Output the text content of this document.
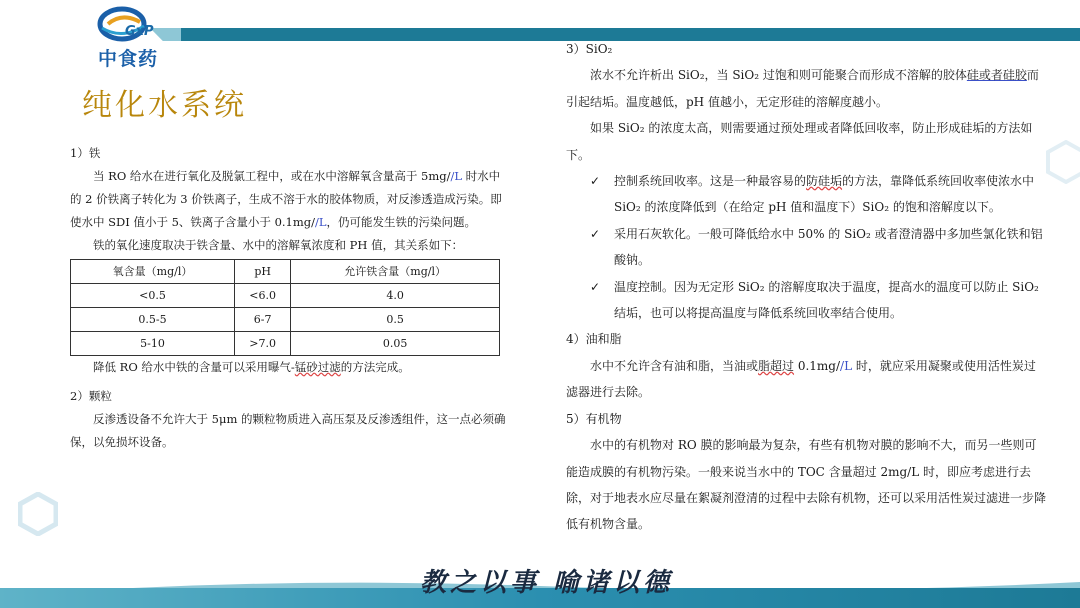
GxP
中食药
纯化水系统

1）铁

当 RO 给水在进行氧化及脱氯工程中，或在水中溶解氧含量高于 5mg//L 时水中的 2 价铁离子转化为 3 价铁离子，生成不溶于水的胶体物质，对反渗透造成污染。即使水中 SDI 值小于 5、铁离子含量小于 0.1mg//L，仍可能发生铁的污染问题。

铁的氧化速度取决于铁含量、水中的溶解氧浓度和 PH 值，其关系如下：

氧含量（mg/l）	pH	允许铁含量（mg/l）
<0.5	<6.0	4.0
0.5-5	6-7	0.5
5-10	>7.0	0.05

降低 RO 给水中铁的含量可以采用曝气-锰砂过滤的方法完成。

2）颗粒

反渗透设备不允许大于 5μm 的颗粒物质进入高压泵及反渗透组件，这一点必须确保，以免损坏设备。

3）SiO₂

浓水不允许析出 SiO₂，当 SiO₂ 过饱和则可能聚合而形成不溶解的胶体硅或者硅胶而引起结垢。温度越低，pH 值越小，无定形硅的溶解度越小。

如果 SiO₂ 的浓度太高，则需要通过预处理或者降低回收率，防止形成硅垢的方法如下。

✓ 控制系统回收率。这是一种最容易的防硅垢的方法，靠降低系统回收率使浓水中 SiO₂ 的浓度降低到（在给定 pH 值和温度下）SiO₂ 的饱和溶解度以下。

✓ 采用石灰软化。一般可降低给水中 50% 的 SiO₂ 或者澄清器中多加些氯化铁和铝酸钠。

✓ 温度控制。因为无定形 SiO₂ 的溶解度取决于温度，提高水的温度可以防止 SiO₂ 结垢，也可以将提高温度与降低系统回收率结合使用。

4）油和脂

水中不允许含有油和脂，当油或脂超过 0.1mg//L 时，就应采用凝聚或使用活性炭过滤器进行去除。

5）有机物

水中的有机物对 RO 膜的影响最为复杂，有些有机物对膜的影响不大，而另一些则可能造成膜的有机物污染。一般来说当水中的 TOC 含量超过 2mg/L 时，即应考虑进行去除，对于地表水应尽量在絮凝剂澄清的过程中去除有机物，还可以采用活性炭过滤进一步降低有机物含量。

教之以事 喻诸以德
